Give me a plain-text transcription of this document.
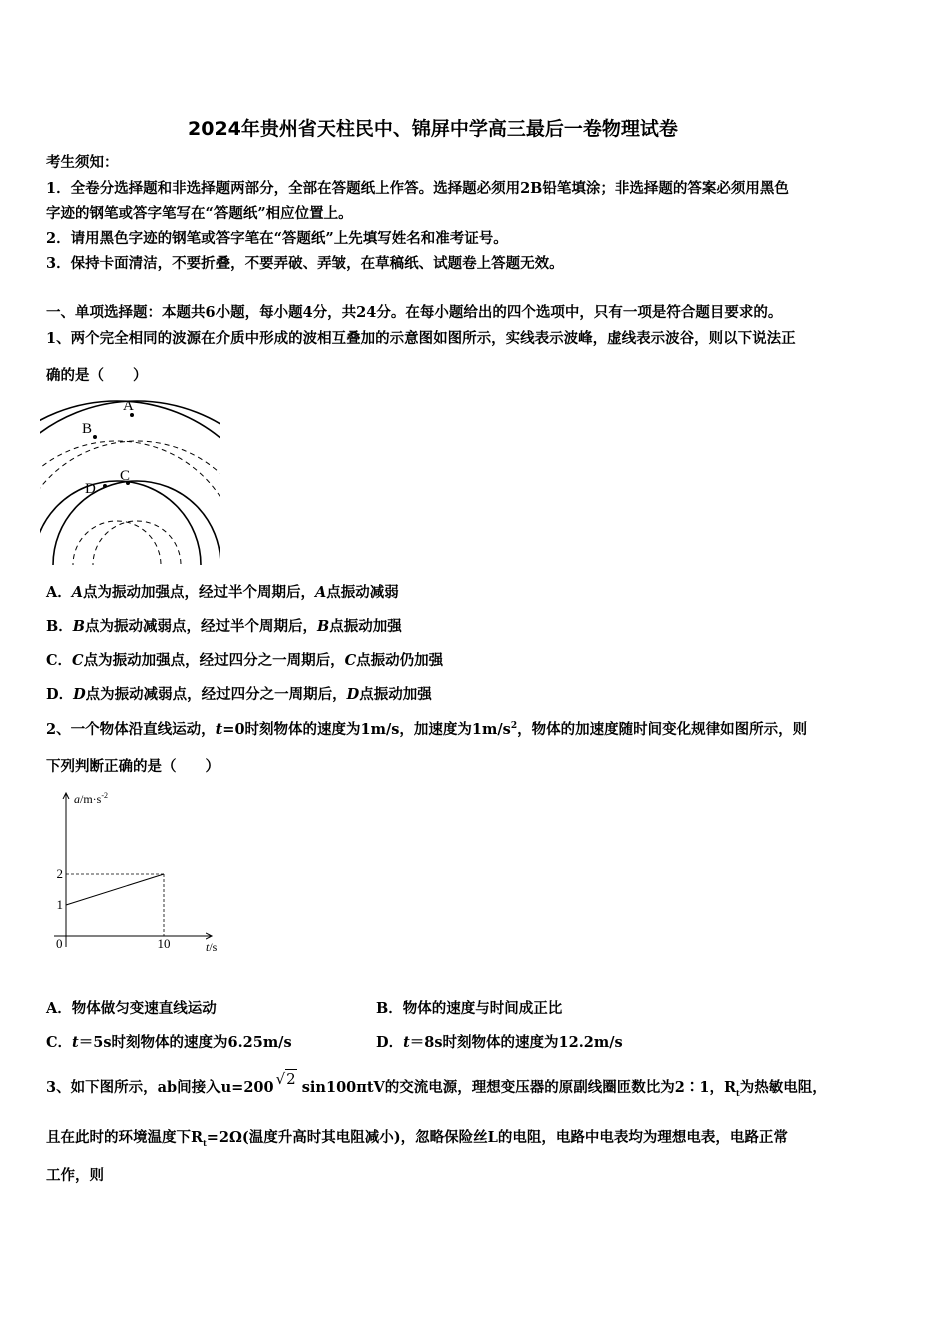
2024年贵州省天柱民中、锦屏中学高三最后一卷物理试卷
考生须知：
1．全卷分选择题和非选择题两部分，全部在答题纸上作答。选择题必须用2B铅笔填涂；非选择题的答案必须用黑色
字迹的钢笔或答字笔写在“答题纸”相应位置上。
2．请用黑色字迹的钢笔或答字笔在“答题纸”上先填写姓名和准考证号。
3．保持卡面清洁，不要折叠，不要弄破、弄皱，在草稿纸、试题卷上答题无效。
一、单项选择题：本题共6小题，每小题4分，共24分。在每小题给出的四个选项中，只有一项是符合题目要求的。
1、两个完全相同的波源在介质中形成的波相互叠加的示意图如图所示，实线表示波峰，虚线表示波谷，则以下说法正
确的是（　　）
A
B
C
D
A．A点为振动加强点，经过半个周期后，A点振动减弱
B．B点为振动减弱点，经过半个周期后，B点振动加强
C．C点为振动加强点，经过四分之一周期后，C点振动仍加强
D．D点为振动减弱点，经过四分之一周期后，D点振动加强
2、一个物体沿直线运动，t=0时刻物体的速度为1m/s，加速度为$1m/s^2$，物体的加速度随时间变化规律如图所示，则
下列判断正确的是（　　）
$a/m\cdot s^{-2}$
t/s
0	10
1
2
A．物体做匀变速直线运动	B．物体的速度与时间成正比
C．t＝5s时刻物体的速度为6.25m/s	D．t＝8s时刻物体的速度为12.2m/s
3、如下图所示，ab间接入u=200 √2 sin100πtV的交流电源，理想变压器的原副线圈匝数比为2∶1，$R_t$为热敏电阻，
且在此时的环境温度下$R_t=2\Omega$(温度升高时其电阻减小)，忽略保险丝L的电阻，电路中电表均为理想电表，电路正常
工作，则
